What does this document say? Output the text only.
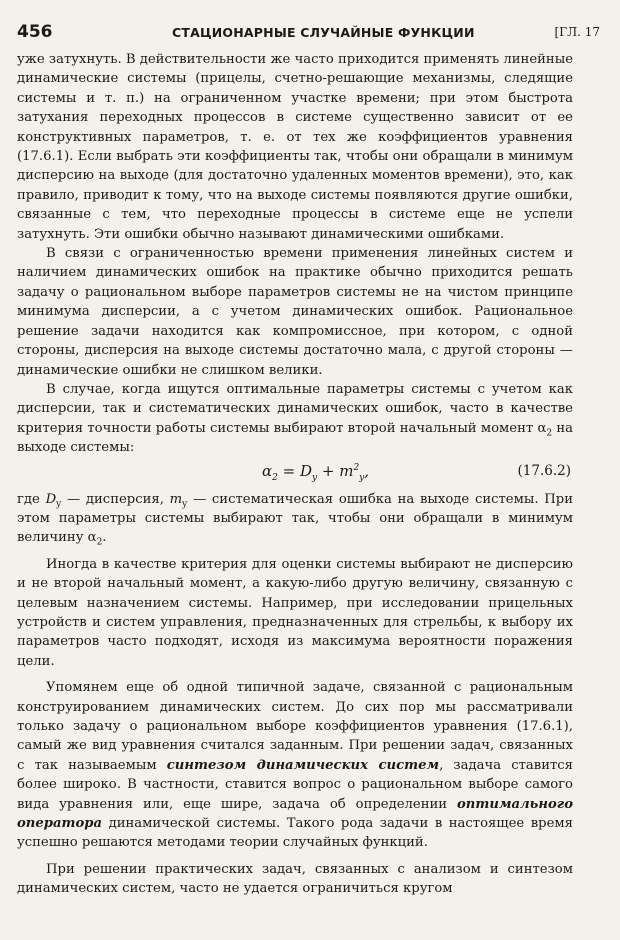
456	СТАЦИОНАРНЫЕ СЛУЧАЙНЫЕ ФУНКЦИИ	[ГЛ. 17

уже затухнуть. В действительности же часто приходится применять линейные динамические системы (прицелы, счетно-решающие механизмы, следящие системы и т. п.) на ограниченном участке времени; при этом быстрота затухания переходных процессов в системе существенно зависит от ее конструктивных параметров, т. е. от тех же коэффициентов уравнения (17.6.1). Если выбрать эти коэффициенты так, чтобы они обращали в минимум дисперсию на выходе (для достаточно удаленных моментов времени), это, как правило, приводит к тому, что на выходе системы появляются другие ошибки, связанные с тем, что переходные процессы в системе еще не успели затухнуть. Эти ошибки обычно называют динамическими ошибками.

В связи с ограниченностью времени применения линейных систем и наличием динамических ошибок на практике обычно приходится решать задачу о рациональном выборе параметров системы не на чистом принципе минимума дисперсии, а с учетом динамических ошибок. Рациональное решение задачи находится как компромиссное, при котором, с одной стороны, дисперсия на выходе системы достаточно мала, с другой стороны — динамические ошибки не слишком велики.

В случае, когда ищутся оптимальные параметры системы с учетом как дисперсии, так и систематических динамических ошибок, часто в качестве критерия точности работы системы выбирают второй начальный момент $\alpha_2$ на выходе системы:

$\alpha_2 = D_y + m^2_y$,	(17.6.2)

где $D_y$ — дисперсия, $m_y$ — систематическая ошибка на выходе системы. При этом параметры системы выбирают так, чтобы они обращали в минимум величину $\alpha_2$.

Иногда в качестве критерия для оценки системы выбирают не дисперсию и не второй начальный момент, а какую-либо другую величину, связанную с целевым назначением системы. Например, при исследовании прицельных устройств и систем управления, предназначенных для стрельбы, к выбору их параметров часто подходят, исходя из максимума вероятности поражения цели.

Упомянем еще об одной типичной задаче, связанной с рациональным конструированием динамических систем. До сих пор мы рассматривали только задачу о рациональном выборе коэффициентов уравнения (17.6.1), самый же вид уравнения считался заданным. При решении задач, связанных с так называемым синтезом динамических систем, задача ставится более широко. В частности, ставится вопрос о рациональном выборе самого вида уравнения или, еще шире, задача об определении оптимального оператора динамической системы. Такого рода задачи в настоящее время успешно решаются методами теории случайных функций.

При решении практических задач, связанных с анализом и синтезом динамических систем, часто не удается ограничиться кругом
